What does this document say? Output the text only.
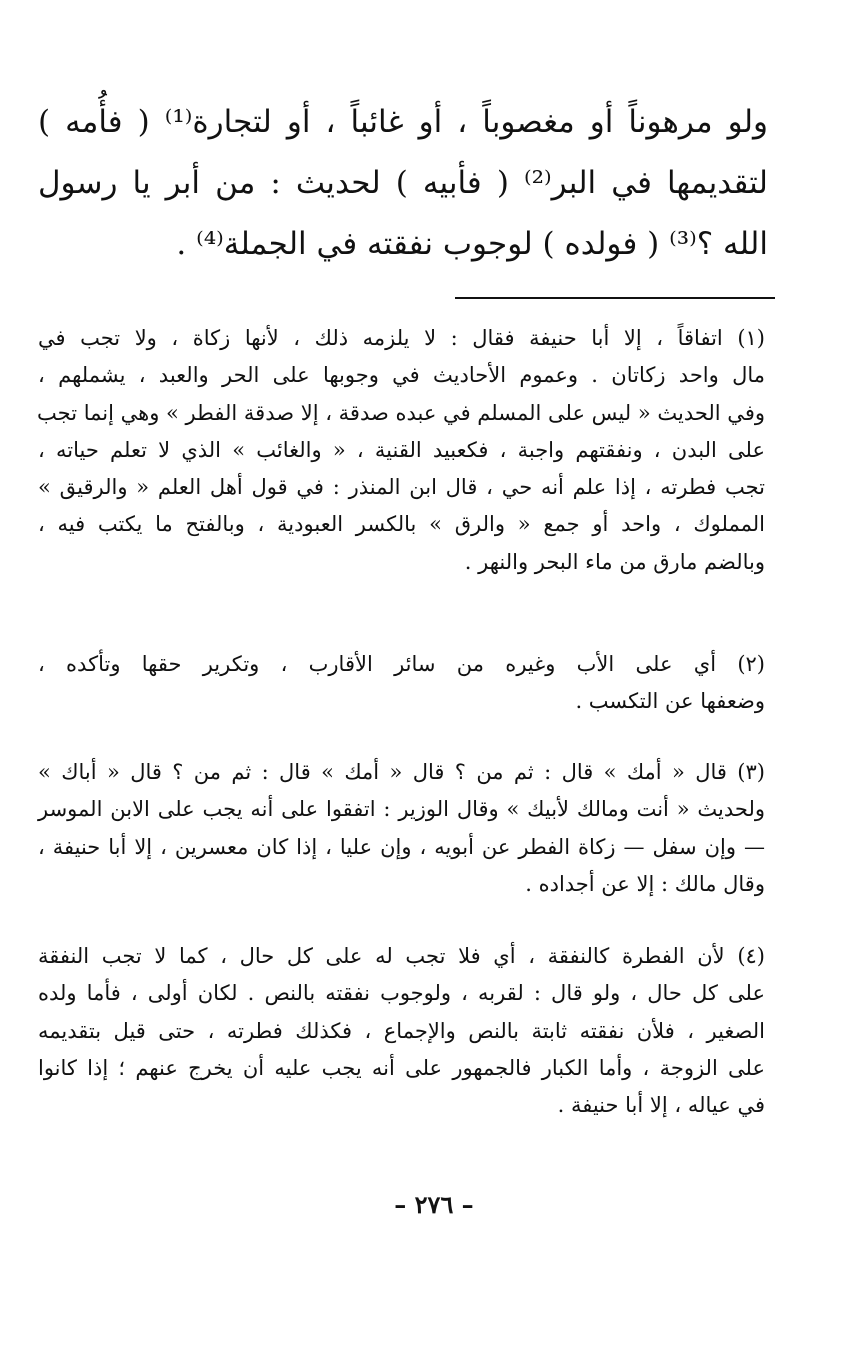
ولو مرهوناً أو مغصوباً ، أو غائباً ، أو لتجارة⁽¹⁾ ( فأُمه )
لتقديمها في البر⁽²⁾ ( فأبيه ) لحديث : من أبر يا رسول
الله ؟⁽³⁾ ( فولده ) لوجوب نفقته في الجملة⁽⁴⁾ .
(١) اتفاقاً ، إلا أبا حنيفة فقال : لا يلزمه ذلك ، لأنها زكاة ، ولا تجب في
مال واحد زكاتان . وعموم الأحاديث في وجوبها على الحر والعبد ، يشملهم ،
وفي الحديث « ليس على المسلم في عبده صدقة ، إلا صدقة الفطر » وهي إنما تجب
على البدن ، ونفقتهم واجبة ، فكعبيد القنية ، « والغائب » الذي لا تعلم حياته ،
تجب فطرته ، إذا علم أنه حي ، قال ابن المنذر : في قول أهل العلم « والرقيق »
المملوك ، واحد أو جمع « والرق » بالكسر العبودية ، وبالفتح ما يكتب فيه ،
وبالضم مارق من ماء البحر والنهر .
(٢) أي على الأب وغيره من سائر الأقارب ، وتكرير حقها وتأكده ،
وضعفها عن التكسب .
(٣) قال « أمك » قال : ثم من ؟ قال « أمك » قال : ثم من ؟ قال « أباك »
ولحديث « أنت ومالك لأبيك » وقال الوزير : اتفقوا على أنه يجب على الابن الموسر
— وإن سفل — زكاة الفطر عن أبويه ، وإن عليا ، إذا كان معسرين ، إلا أبا حنيفة ،
وقال مالك : إلا عن أجداده .
(٤) لأن الفطرة كالنفقة ، أي فلا تجب له على كل حال ، كما لا تجب النفقة
على كل حال ، ولو قال : لقربه ، ولوجوب نفقته بالنص . لكان أولى ، فأما ولده
الصغير ، فلأن نفقته ثابتة بالنص والإجماع ، فكذلك فطرته ، حتى قيل بتقديمه
على الزوجة ، وأما الكبار فالجمهور على أنه يجب عليه أن يخرج عنهم ؛ إذا كانوا
في عياله ، إلا أبا حنيفة .
– ٢٧٦ –
